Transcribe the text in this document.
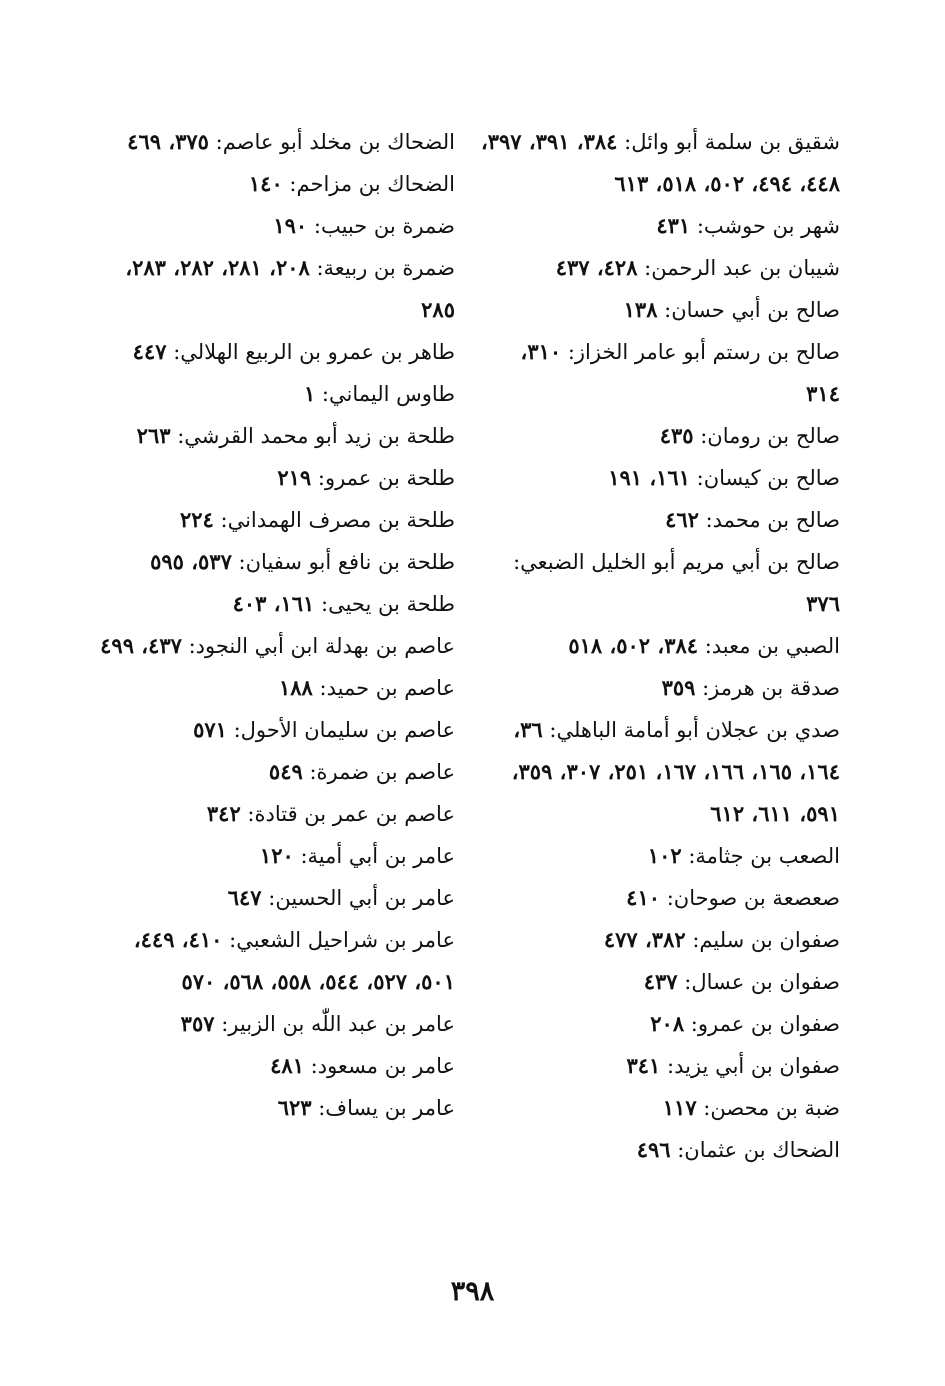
شقيق بن سلمة أبو وائل: ٣٨٤، ٣٩١، ٣٩٧، ٤٤٨، ٤٩٤، ٥٠٢، ٥١٨، ٦١٣
شهر بن حوشب: ٤٣١
شيبان بن عبد الرحمن: ٤٢٨، ٤٣٧
صالح بن أبي حسان: ١٣٨
صالح بن رستم أبو عامر الخزاز: ٣١٠، ٣١٤
صالح بن رومان: ٤٣٥
صالح بن كيسان: ١٦١، ١٩١
صالح بن محمد: ٤٦٢
صالح بن أبي مريم أبو الخليل الضبعي: ٣٧٦
الصبي بن معبد: ٣٨٤، ٥٠٢، ٥١٨
صدقة بن هرمز: ٣٥٩
صدي بن عجلان أبو أمامة الباهلي: ٣٦، ١٦٤، ١٦٥، ١٦٦، ١٦٧، ٢٥١، ٣٠٧، ٣٥٩، ٥٩١، ٦١١، ٦١٢
الصعب بن جثامة: ١٠٢
صعصعة بن صوحان: ٤١٠
صفوان بن سليم: ٣٨٢، ٤٧٧
صفوان بن عسال: ٤٣٧
صفوان بن عمرو: ٢٠٨
صفوان بن أبي يزيد: ٣٤١
ضبة بن محصن: ١١٧
الضحاك بن عثمان: ٤٩٦
الضحاك بن مخلد أبو عاصم: ٣٧٥، ٤٦٩
الضحاك بن مزاحم: ١٤٠
ضمرة بن حبيب: ١٩٠
ضمرة بن ربيعة: ٢٠٨، ٢٨١، ٢٨٢، ٢٨٣، ٢٨٥
طاهر بن عمرو بن الربيع الهلالي: ٤٤٧
طاوس اليماني: ١
طلحة بن زيد أبو محمد القرشي: ٢٦٣
طلحة بن عمرو: ٢١٩
طلحة بن مصرف الهمداني: ٢٢٤
طلحة بن نافع أبو سفيان: ٥٣٧، ٥٩٥
طلحة بن يحيى: ١٦١، ٤٠٣
عاصم بن بهدلة ابن أبي النجود: ٤٣٧، ٤٩٩
عاصم بن حميد: ١٨٨
عاصم بن سليمان الأحول: ٥٧١
عاصم بن ضمرة: ٥٤٩
عاصم بن عمر بن قتادة: ٣٤٢
عامر بن أبي أمية: ١٢٠
عامر بن أبي الحسين: ٦٤٧
عامر بن شراحيل الشعبي: ٤١٠، ٤٤٩، ٥٠١، ٥٢٧، ٥٤٤، ٥٥٨، ٥٦٨، ٥٧٠
عامر بن عبد اللّٰه بن الزبير: ٣٥٧
عامر بن مسعود: ٤٨١
عامر بن يساف: ٦٢٣
٣٩٨
